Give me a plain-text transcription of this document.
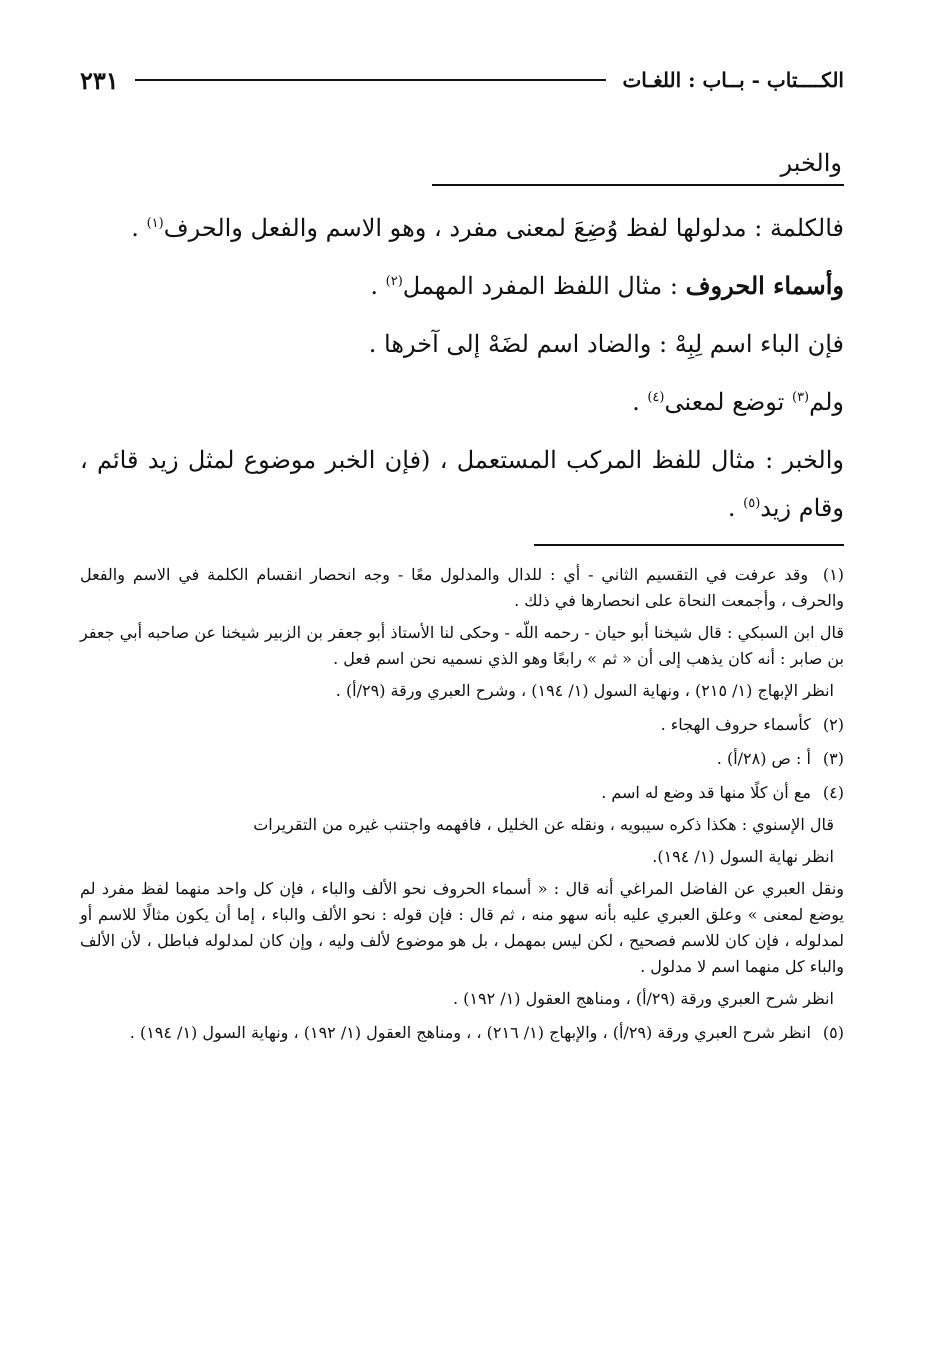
الكــــتاب - بــاب : اللغـات
٢٣١
والخبر

فالكلمة : مدلولها لفظ وُضِعَ لمعنى مفرد ، وهو الاسم والفعل والحرف$^{(١)}$ .

وأسماء الحروف : مثال اللفظ المفرد المهمل$^{(٢)}$ .

فإن الباء اسم لِبِهْ : والضاد اسم لضَهْ إلى آخرها .

ولم$^{(٣)}$ توضع لمعنى$^{(٤)}$ .

والخبر : مثال للفظ المركب المستعمل ، (فإن الخبر موضوع لمثل زيد قائم ، وقام زيد$^{(٥)}$ .

(١) وقد عرفت في التقسيم الثاني - أي : للدال والمدلول معًا - وجه انحصار انقسام الكلمة في الاسم والفعل والحرف ، وأجمعت النحاة على انحصارها في ذلك .

قال ابن السبكي : قال شيخنا أبو حيان - رحمه اللّه - وحكى لنا الأستاذ أبو جعفر بن الزبير شيخنا عن صاحبه أبي جعفر بن صابر : أنه كان يذهب إلى أن « ثم » رابعًا وهو الذي نسميه نحن اسم فعل .

انظر الإبهاج (١/ ٢١٥) ، ونهاية السول (١/ ١٩٤) ، وشرح العبري ورقة (٢٩/أ) .

(٢) كأسماء حروف الهجاء .

(٣) أ : ص (٢٨/أ) .

(٤) مع أن كلًا منها قد وضع له اسم .

قال الإسنوي : هكذا ذكره سيبويه ، ونقله عن الخليل ، فافهمه واجتنب غيره من التقريرات

انظر نهاية السول (١/ ١٩٤).

ونقل العبري عن الفاضل المراغي أنه قال : « أسماء الحروف نحو الألف والباء ، فإن كل واحد منهما لفظ مفرد لم يوضع لمعنى » وعلق العبري عليه بأنه سهو منه ، ثم قال : فإن قوله : نحو الألف والباء ، إما أن يكون مثالًا للاسم أو لمدلوله ، فإن كان للاسم فصحيح ، لكن ليس بمهمل ، بل هو موضوع لألف وليه ، وإن كان لمدلوله فباطل ، لأن الألف والباء كل منهما اسم لا مدلول .

انظر شرح العبري ورقة (٢٩/أ) ، ومناهج العقول (١/ ١٩٢) .

(٥) انظر شرح العبري ورقة (٢٩/أ) ، والإبهاج (١/ ٢١٦) ، ، ومناهج العقول (١/ ١٩٢) ، ونهاية السول (١/ ١٩٤) .
